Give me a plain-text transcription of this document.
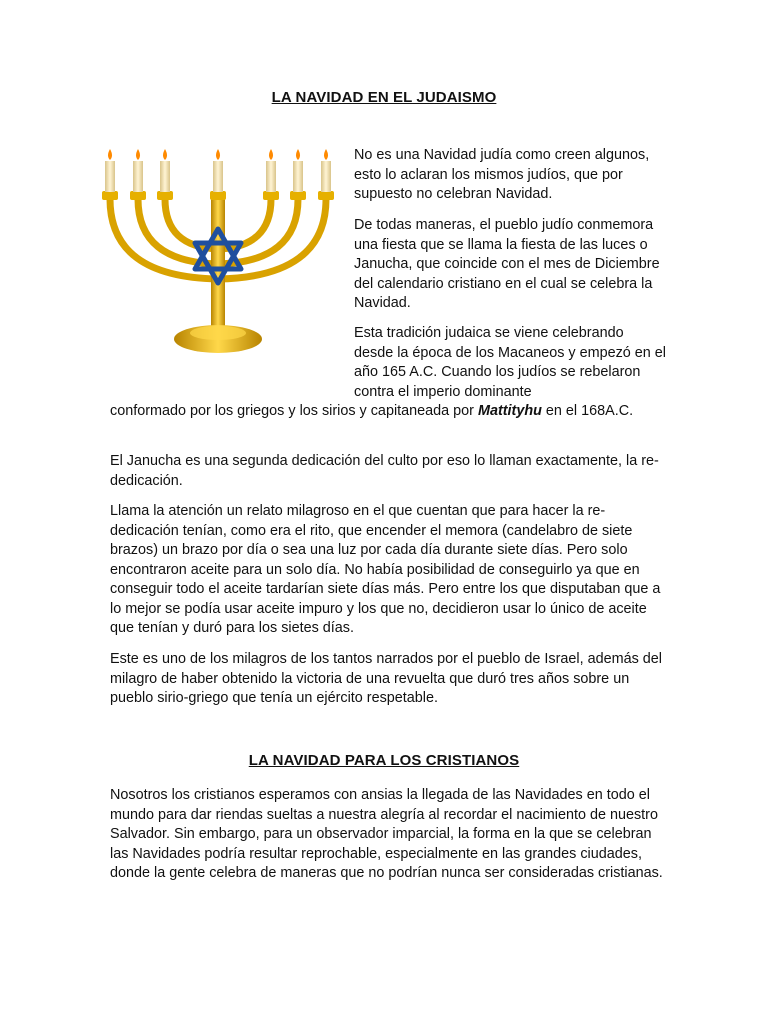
LA NAVIDAD EN EL JUDAISMO

No es una Navidad judía como creen algunos, esto lo aclaran los mismos judíos, que por supuesto no celebran Navidad.

De todas maneras, el pueblo judío conmemora una fiesta que se llama la fiesta de las luces o Janucha, que coincide con el mes de Diciembre del calendario cristiano en el cual se celebra la Navidad.

Esta tradición judaica se viene celebrando desde la época de los Macaneos y empezó en el año 165 A.C. Cuando los judíos se rebelaron contra el imperio dominante

conformado por los griegos y los sirios y capitaneada por Mattityhu en el 168A.C.

El Janucha es una segunda dedicación del culto por eso lo llaman exactamente, la re-dedicación.

Llama la atención un relato milagroso en el que cuentan que para hacer la re-dedicación tenían, como era el rito, que encender el memora (candelabro de siete brazos) un brazo por día o sea una luz por cada día durante siete días. Pero solo encontraron aceite para un solo día. No había posibilidad de conseguirlo ya que en conseguir todo el aceite tardarían siete días más. Pero entre los que disputaban que a lo mejor se podía usar aceite impuro y los que no, decidieron usar lo único de aceite que tenían y duró para los sietes días.

Este es uno de los milagros de los tantos narrados por el pueblo de Israel, además del milagro de haber obtenido la victoria de una revuelta que duró tres años sobre un pueblo sirio-griego que tenía un ejército respetable.

LA NAVIDAD PARA LOS CRISTIANOS

Nosotros los cristianos esperamos con ansias la llegada de las Navidades en todo el mundo para dar riendas sueltas a nuestra alegría al recordar el nacimiento de nuestro Salvador. Sin embargo, para un observador imparcial, la forma en la que se celebran las Navidades podría resultar reprochable, especialmente en las grandes ciudades, donde la gente celebra de maneras que no podrían nunca ser consideradas cristianas.
